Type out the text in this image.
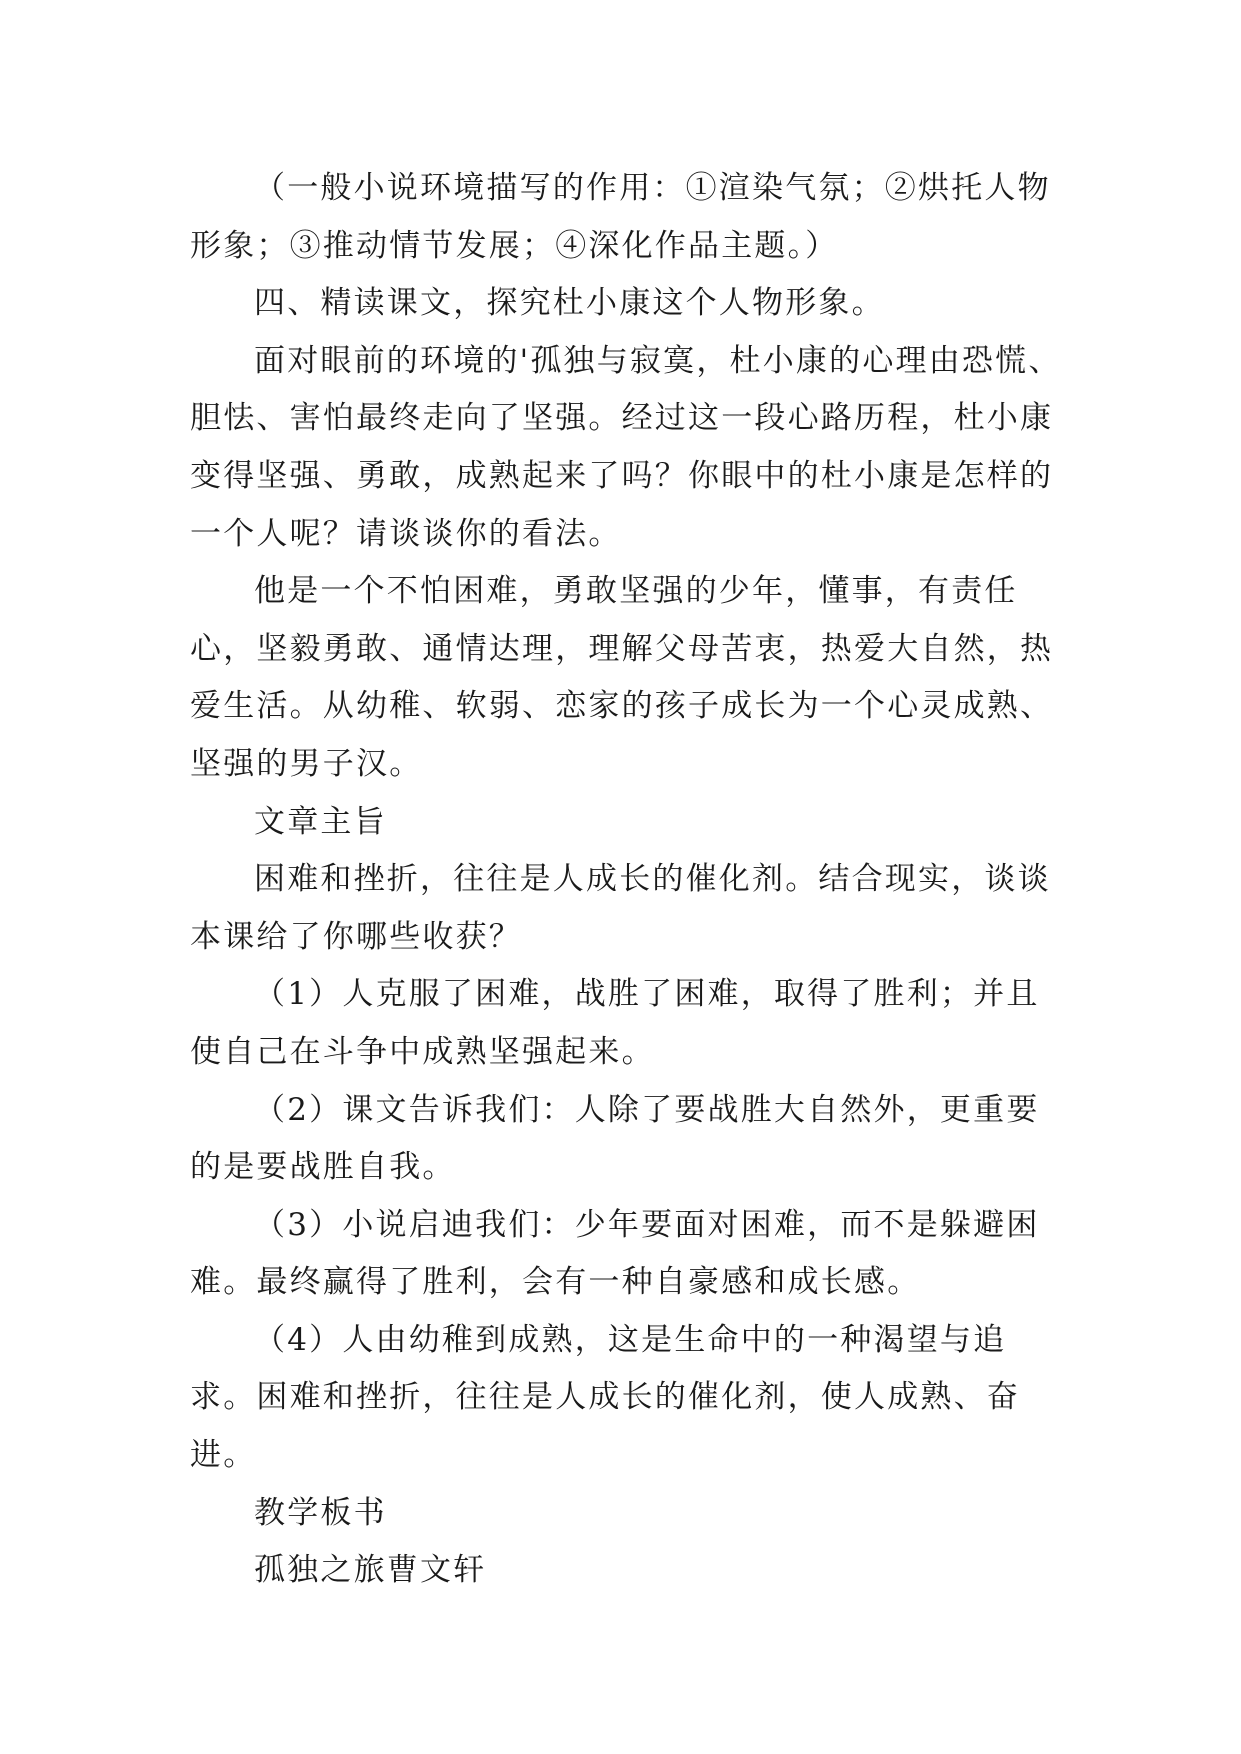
（一般小说环境描写的作用：①渲染气氛；②烘托人物形象；③推动情节发展；④深化作品主题。）

四、精读课文，探究杜小康这个人物形象。

面对眼前的环境的'孤独与寂寞，杜小康的心理由恐慌、胆怯、害怕最终走向了坚强。经过这一段心路历程，杜小康变得坚强、勇敢，成熟起来了吗？你眼中的杜小康是怎样的一个人呢？请谈谈你的看法。

他是一个不怕困难，勇敢坚强的少年，懂事，有责任心，坚毅勇敢、通情达理，理解父母苦衷，热爱大自然，热爱生活。从幼稚、软弱、恋家的孩子成长为一个心灵成熟、坚强的男子汉。

文章主旨

困难和挫折，往往是人成长的催化剂。结合现实，谈谈本课给了你哪些收获？

（1）人克服了困难，战胜了困难，取得了胜利；并且使自己在斗争中成熟坚强起来。

（2）课文告诉我们：人除了要战胜大自然外，更重要的是要战胜自我。

（3）小说启迪我们：少年要面对困难，而不是躲避困难。最终赢得了胜利，会有一种自豪感和成长感。

（4）人由幼稚到成熟，这是生命中的一种渴望与追求。困难和挫折，往往是人成长的催化剂，使人成熟、奋进。

教学板书

孤独之旅曹文轩
